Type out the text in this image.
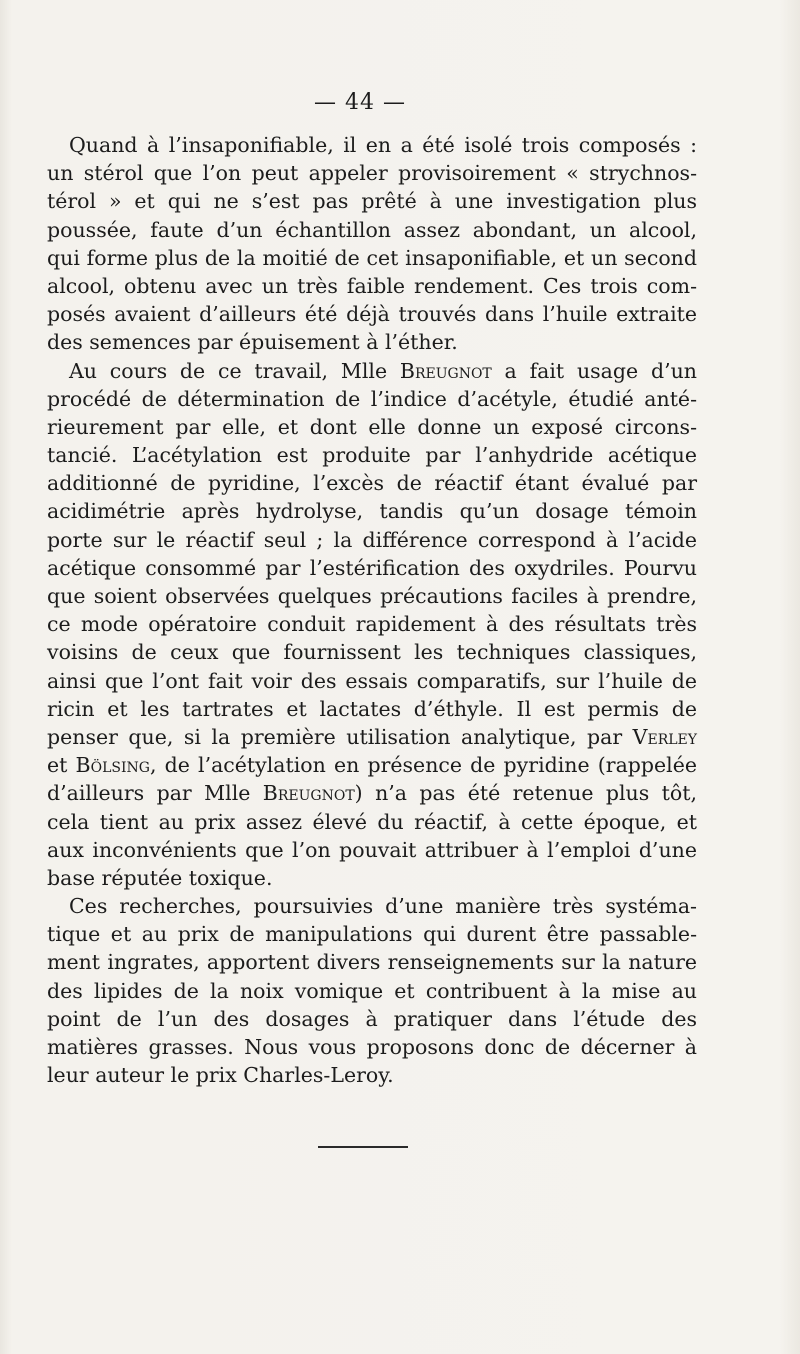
— 44 —
Quand à l’insaponifiable, il en a été isolé trois composés :
un stérol que l’on peut appeler provisoirement « strychnos-
térol » et qui ne s’est pas prêté à une investigation plus
poussée, faute d’un échantillon assez abondant, un alcool,
qui forme plus de la moitié de cet insaponifiable, et un second
alcool, obtenu avec un très faible rendement. Ces trois com-
posés avaient d’ailleurs été déjà trouvés dans l’huile extraite
des semences par épuisement à l’éther.
Au cours de ce travail, Mlle Breugnot a fait usage d’un
procédé de détermination de l’indice d’acétyle, étudié anté-
rieurement par elle, et dont elle donne un exposé circons-
tancié. L’acétylation est produite par l’anhydride acétique
additionné de pyridine, l’excès de réactif étant évalué par
acidimétrie après hydrolyse, tandis qu’un dosage témoin
porte sur le réactif seul ; la différence correspond à l’acide
acétique consommé par l’estérification des oxydriles. Pourvu
que soient observées quelques précautions faciles à prendre,
ce mode opératoire conduit rapidement à des résultats très
voisins de ceux que fournissent les techniques classiques,
ainsi que l’ont fait voir des essais comparatifs, sur l’huile de
ricin et les tartrates et lactates d’éthyle. Il est permis de
penser que, si la première utilisation analytique, par Verley
et Bölsing, de l’acétylation en présence de pyridine (rappelée
d’ailleurs par Mlle Breugnot) n’a pas été retenue plus tôt,
cela tient au prix assez élevé du réactif, à cette époque, et
aux inconvénients que l’on pouvait attribuer à l’emploi d’une
base réputée toxique.
Ces recherches, poursuivies d’une manière très systéma-
tique et au prix de manipulations qui durent être passable-
ment ingrates, apportent divers renseignements sur la nature
des lipides de la noix vomique et contribuent à la mise au
point de l’un des dosages à pratiquer dans l’étude des
matières grasses. Nous vous proposons donc de décerner à
leur auteur le prix Charles-Leroy.
